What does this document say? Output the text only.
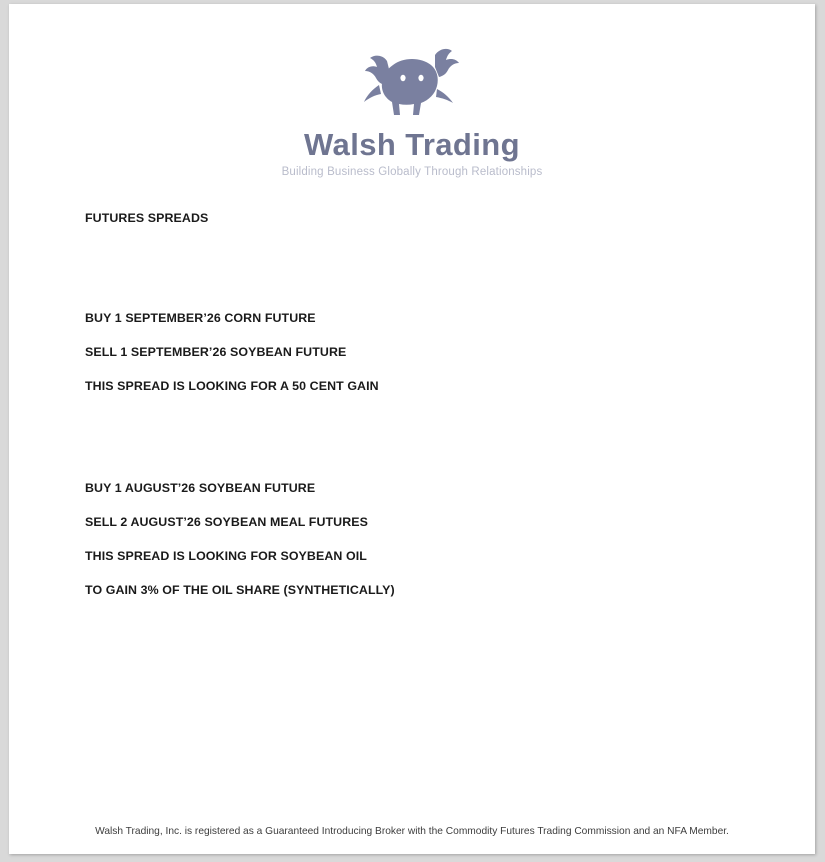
Walsh Trading
Building Business Globally Through Relationships
FUTURES SPREADS
BUY 1 SEPTEMBER’26 CORN FUTURE
SELL 1 SEPTEMBER’26 SOYBEAN FUTURE
THIS SPREAD IS LOOKING FOR A 50 CENT GAIN
BUY 1 AUGUST’26 SOYBEAN FUTURE
SELL 2 AUGUST’26 SOYBEAN MEAL FUTURES
THIS SPREAD IS LOOKING FOR SOYBEAN OIL
TO GAIN 3% OF THE OIL SHARE (SYNTHETICALLY)
Walsh Trading, Inc. is registered as a Guaranteed Introducing Broker with the Commodity Futures Trading Commission and an NFA Member.
